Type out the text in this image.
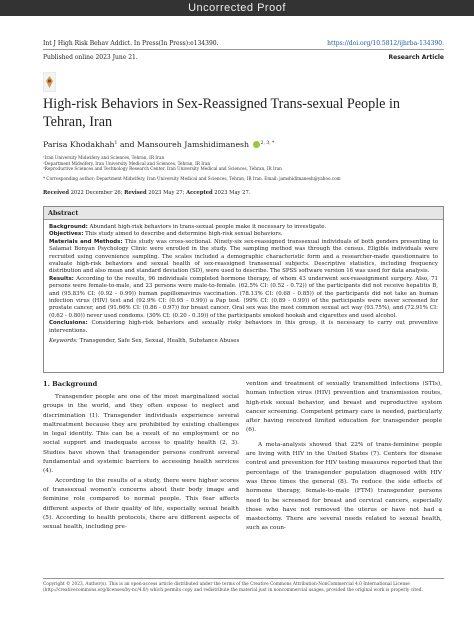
Uncorrected Proof
Int J High Risk Behav Addict. In Press(In Press):e134390.	https://doi.org/10.5812/ijhrba-134390.
Published online 2023 June 21.	Research Article
High-risk Behaviors in Sex-Reassigned Trans-sexual People in Tehran, Iran
Parisa Khodakhah$^1$ and Mansoureh Jamshidimanesh	$^{2, 3, *}$
¹Iran University Midwifery and Sciences, Tehran, IR Iran
²Department Midwifery, Iran University Medical and Sciences, Tehran, IR Iran
³Reproductive Sciences and Technology Research Center, Iran University Medical and Sciences, Tehran, IR Iran
* Corresponding author: Department Midwifery, Iran University Medical and Sciences, Tehran, IR Iran. Email: jamshidimanesh@yahoo.com
Received 2022 December 26; Revised 2023 May 27; Accepted 2023 May 27.
Abstract

Background: Abundant high-risk behaviors in trans-sexual people make it necessary to investigate.

Objectives: This study aimed to describe and determine high-risk sexual behaviors.

Materials and Methods: This study was cross-sectional. Ninety-six sex-reassigned transsexual individuals of both genders presenting to Salamat Bonyan Psychology Clinic were enrolled in the study. The sampling method was through the census. Eligible individuals were recruited using convenience sampling. The scales included a demographic characteristic form and a researcher-made questionnaire to evaluate high-risk behaviors and sexual health of sex-reassigned transsexual subjects. Descriptive statistics, including frequency distribution and also mean and standard deviation (SD), were used to describe. The SPSS software version 16 was used for data analysis.

Results: According to the results, 96 individuals completed hormone therapy, of whom 43 underwent sex-reassignment surgery. Also, 71 persons were female-to-male, and 23 persons were male-to-female. (62.5% CI: (0.52 - 0.72)) of the participants did not receive hepatitis B, and (95.83% CI: (0.92 - 0.99)) human papillomavirus vaccination. (78.13% CI: (0.68 - 0.85)) of the participants did not take an human infection virus (HIV) test and (92.9% CI: (0.95 - 0.99)) a Pap test. (99% CI: (0.89 - 0.99)) of the participants were never screened for prostate cancer, and (91.66% CI: (0.86 - 0.97)) for breast cancer. Oral sex was the most common sexual act way (93.75%), and (72.91% CI: (0.62 - 0.80)) never used condoms. (30% CI: (0.20 - 0.39)) of the participants smoked hookah and cigarettes and used alcohol.

Conclusions: Considering high-risk behaviors and sexually risky behaviors in this group, it is necessary to carry out preventive interventions.

Keywords: Transgender, Safe Sex, Sexual, Health, Substance Abuses

1. Background

Transgender people are one of the most marginalized social groups in the world, and they often expose to neglect and discrimination (1). Transgender individuals experience several maltreatment because they are prohibited by existing challenges in legal identity. This can be a result of no employment or no social support and inadequate access to quality health (2, 3). Studies have shown that transgender persons confront several fundamental and systemic barriers to accessing health services (4).

According to the results of a study, there were higher scores of transsexual women's concerns about their body image and feminine role compared to normal people. This fear affects different aspects of their quality of life, especially sexual health (5). According to health protocols, there are different aspects of sexual health, including pre-

vention and treatment of sexually transmitted infections (STIs), human infection virus (HIV) prevention and transmission routes, high-risk sexual behavior, and breast and reproductive system cancer screening. Competent primary care is needed, particularly after having received limited education for transgender people (6).

A meta-analysis showed that 22% of trans-feminine people are living with HIV in the United States (7). Centers for disease control and prevention for HIV testing measures reported that the percentage of the transgender population diagnosed with HIV was three times the general (8). To reduce the side effects of hormone therapy, female-to-male (FTM) transgender persons need to be screened for breast and cervical cancers, especially those who have not removed the uterus or have not had a mastectomy. There are several needs related to sexual health, such as coun-

Copyright © 2023, Author(s). This is an open-access article distributed under the terms of the Creative Commons Attribution-NonCommercial 4.0 International License (http://creativecommons.org/licenses/by-nc/4.0/) which permits copy and redistribute the material just in noncommercial usages, provided the original work is properly cited.
